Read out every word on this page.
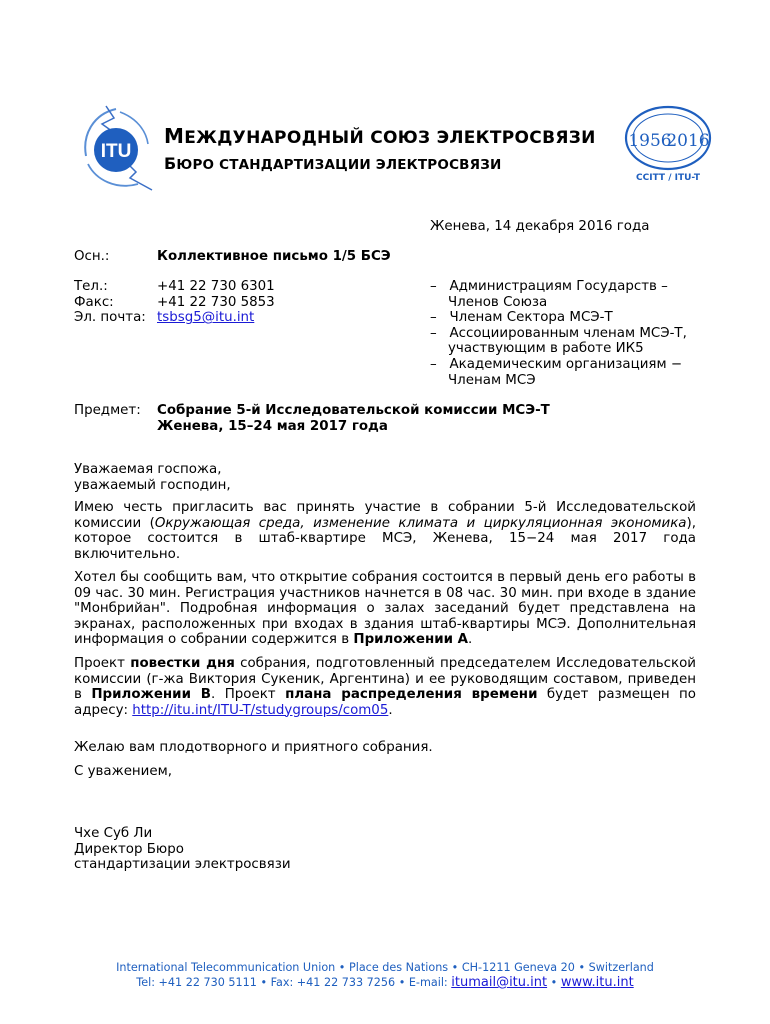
ITU
МЕЖДУНАРОДНЫЙ СОЮЗ ЭЛЕКТРОСВЯЗИ
БЮРО СТАНДАРТИЗАЦИИ ЭЛЕКТРОСВЯЗИ
1956
2016
CCITT / ITU-T
Женева, 14 декабря 2016 года
Осн.:	Коллективное письмо 1/5 БСЭ
Тел.:	+41 22 730 6301
Факс:	+41 22 730 5853
Эл. почта: tsbsg5@itu.int

–   Администрациям Государств – Членов Союза

–   Членам Сектора МСЭ-Т

–   Ассоциированным членам МСЭ-Т, участвующим в работе ИК5

–   Академическим организациям − Членам МСЭ

Предмет: Собрание 5-й Исследовательской комиссии МСЭ-Т
Женева, 15–24 мая 2017 года
Уважаемая госпожа,
уважаемый господин,
Имею честь пригласить вас принять участие в собрании 5-й Исследовательской комиссии (Окружающая среда, изменение климата и циркуляционная экономика), которое состоится в штаб-квартире МСЭ, Женева, 15−24 мая 2017 года включительно.
Хотел бы сообщить вам, что открытие собрания состоится в первый день его работы в 09 час. 30 мин. Регистрация участников начнется в 08 час. 30 мин. при входе в здание "Монбрийан". Подробная информация о залах заседаний будет представлена на экранах, расположенных при входах в здания штаб-квартиры МСЭ. Дополнительная информация о собрании содержится в Приложении А.
Проект повестки дня собрания, подготовленный председателем Исследовательской комиссии (г-жа Виктория Сукеник, Аргентина) и ее руководящим составом, приведен в Приложении В. Проект плана распределения времени будет размещен по адресу: http://itu.int/ITU-T/studygroups/com05.
Желаю вам плодотворного и приятного собрания.
С уважением,
Чхе Суб Ли
Директор Бюро
стандартизации электросвязи
International Telecommunication Union • Place des Nations • CH-1211 Geneva 20 • Switzerland
Tel: +41 22 730 5111 • Fax: +41 22 733 7256 • E-mail: itumail@itu.int • www.itu.int
